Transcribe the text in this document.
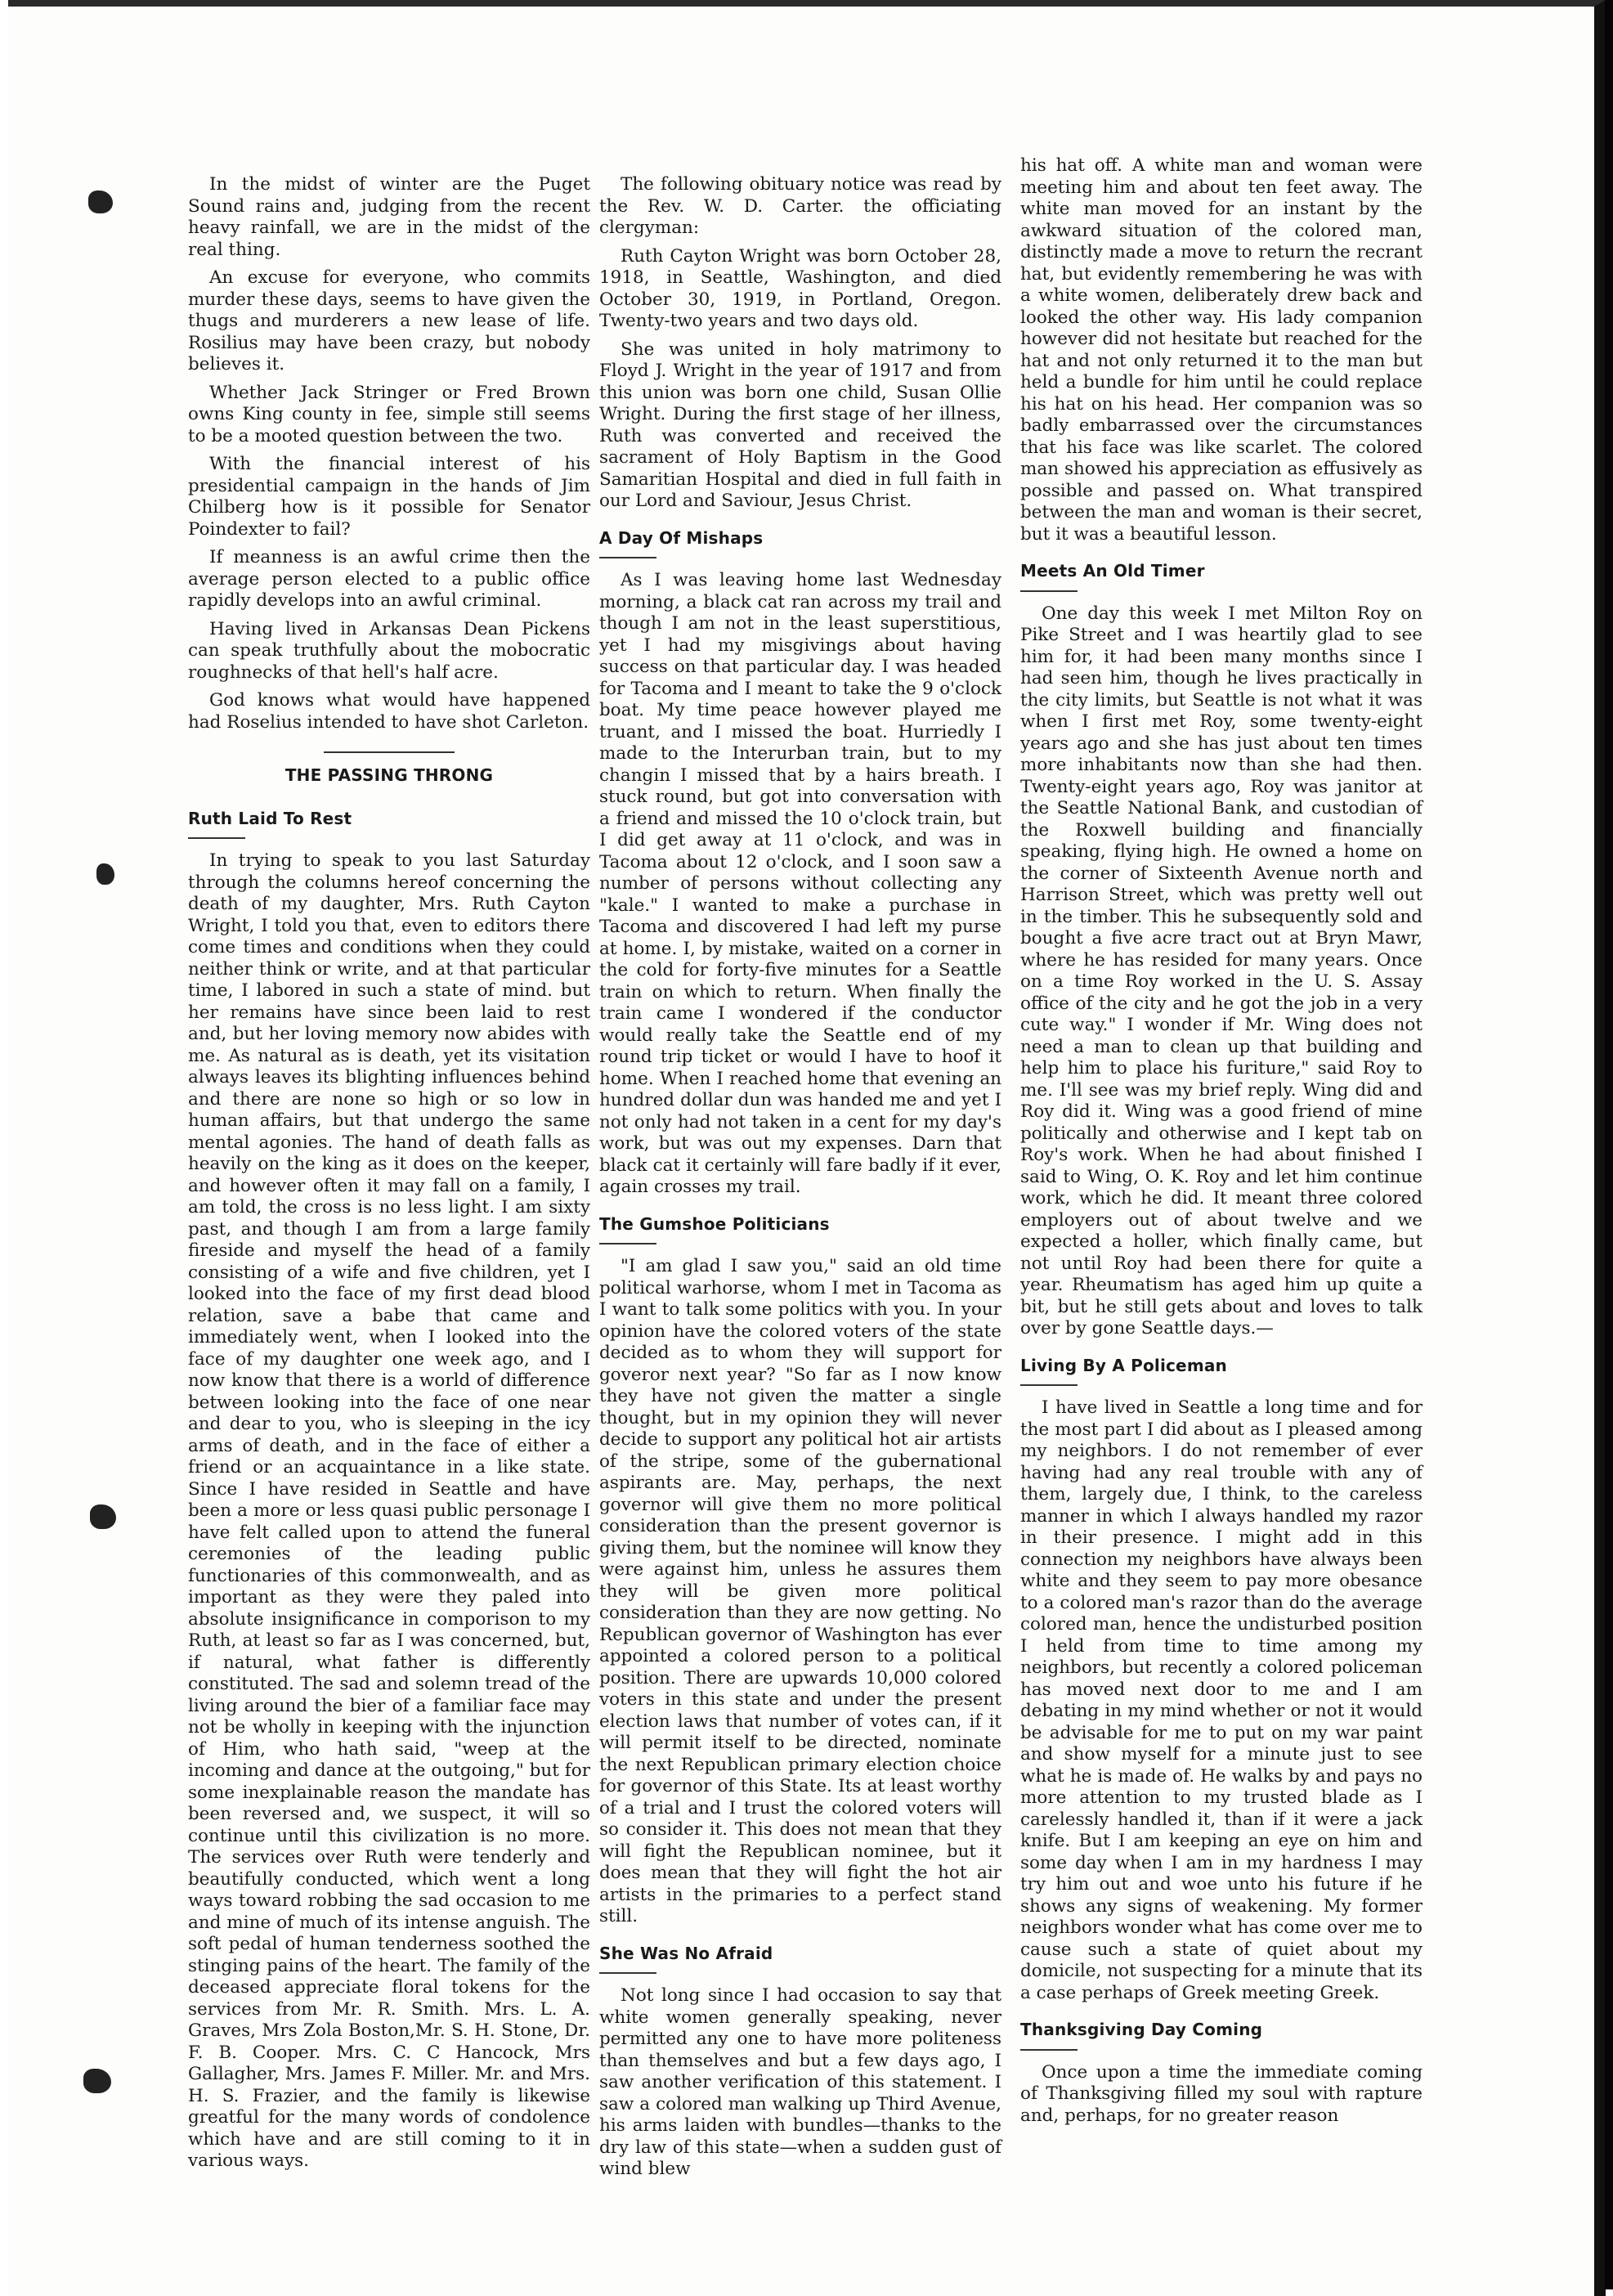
In the midst of winter are the Puget Sound rains and, judging from the recent heavy rainfall, we are in the midst of the real thing.

An excuse for everyone, who commits murder these days, seems to have given the thugs and murderers a new lease of life. Rosilius may have been crazy, but nobody believes it.

Whether Jack Stringer or Fred Brown owns King county in fee, simple still seems to be a mooted question between the two.

With the financial interest of his presidential campaign in the hands of Jim Chilberg how is it possible for Senator Poindexter to fail?

If meanness is an awful crime then the average person elected to a public office rapidly develops into an awful criminal.

Having lived in Arkansas Dean Pickens can speak truthfully about the mobocratic roughnecks of that hell's half acre.

God knows what would have happened had Roselius intended to have shot Carleton.

THE PASSING THRONG
Ruth Laid To Rest

In trying to speak to you last Saturday through the columns hereof concerning the death of my daughter, Mrs. Ruth Cayton Wright, I told you that, even to editors there come times and conditions when they could neither think or write, and at that particular time, I labored in such a state of mind. but her remains have since been laid to rest and, but her loving memory now abides with me. As natural as is death, yet its visitation always leaves its blighting influences behind and there are none so high or so low in human affairs, but that undergo the same mental agonies. The hand of death falls as heavily on the king as it does on the keeper, and however often it may fall on a family, I am told, the cross is no less light. I am sixty past, and though I am from a large family fireside and myself the head of a family consisting of a wife and five children, yet I looked into the face of my first dead blood relation, save a babe that came and immediately went, when I looked into the face of my daughter one week ago, and I now know that there is a world of difference between looking into the face of one near and dear to you, who is sleeping in the icy arms of death, and in the face of either a friend or an acquaintance in a like state. Since I have resided in Seattle and have been a more or less quasi public personage I have felt called upon to attend the funeral ceremonies of the leading public functionaries of this commonwealth, and as important as they were they paled into absolute insignificance in comporison to my Ruth, at least so far as I was concerned, but, if natural, what father is differently constituted. The sad and solemn tread of the living around the bier of a familiar face may not be wholly in keeping with the injunction of Him, who hath said, "weep at the incoming and dance at the outgoing," but for some inexplainable reason the mandate has been reversed and, we suspect, it will so continue until this civilization is no more. The services over Ruth were tenderly and beautifully conducted, which went a long ways toward robbing the sad occasion to me and mine of much of its intense anguish. The soft pedal of human tenderness soothed the stinging pains of the heart. The family of the deceased appreciate floral tokens for the services from Mr. R. Smith. Mrs. L. A. Graves, Mrs Zola Boston,Mr. S. H. Stone, Dr. F. B. Cooper. Mrs. C. C Hancock, Mrs Gallagher, Mrs. James F. Miller. Mr. and Mrs. H. S. Frazier, and the family is likewise greatful for the many words of condolence which have and are still coming to it in various ways.

The following obituary notice was read by the Rev. W. D. Carter. the officiating clergyman:

Ruth Cayton Wright was born October 28, 1918, in Seattle, Washington, and died October 30, 1919, in Portland, Oregon. Twenty-two years and two days old.

She was united in holy matrimony to Floyd J. Wright in the year of 1917 and from this union was born one child, Susan Ollie Wright. During the first stage of her illness, Ruth was converted and received the sacrament of Holy Baptism in the Good Samaritian Hospital and died in full faith in our Lord and Saviour, Jesus Christ.

A Day Of Mishaps

As I was leaving home last Wednesday morning, a black cat ran across my trail and though I am not in the least superstitious, yet I had my misgivings about having success on that particular day. I was headed for Tacoma and I meant to take the 9 o'clock boat. My time peace however played me truant, and I missed the boat. Hurriedly I made to the Interurban train, but to my changin I missed that by a hairs breath. I stuck round, but got into conversation with a friend and missed the 10 o'clock train, but I did get away at 11 o'clock, and was in Tacoma about 12 o'clock, and I soon saw a number of persons without collecting any "kale." I wanted to make a purchase in Tacoma and discovered I had left my purse at home. I, by mistake, waited on a corner in the cold for forty-five minutes for a Seattle train on which to return. When finally the train came I wondered if the conductor would really take the Seattle end of my round trip ticket or would I have to hoof it home. When I reached home that evening an hundred dollar dun was handed me and yet I not only had not taken in a cent for my day's work, but was out my expenses. Darn that black cat it certainly will fare badly if it ever, again crosses my trail.

The Gumshoe Politicians

"I am glad I saw you," said an old time political warhorse, whom I met in Tacoma as I want to talk some politics with you. In your opinion have the colored voters of the state decided as to whom they will support for goveror next year? "So far as I now know they have not given the matter a single thought, but in my opinion they will never decide to support any political hot air artists of the stripe, some of the gubernational aspirants are. May, perhaps, the next governor will give them no more political consideration than the present governor is giving them, but the nominee will know they were against him, unless he assures them they will be given more political consideration than they are now getting. No Republican governor of Washington has ever appointed a colored person to a political position. There are upwards 10,000 colored voters in this state and under the present election laws that number of votes can, if it will permit itself to be directed, nominate the next Republican primary election choice for governor of this State. Its at least worthy of a trial and I trust the colored voters will so consider it. This does not mean that they will fight the Republican nominee, but it does mean that they will fight the hot air artists in the primaries to a perfect stand still.

She Was No Afraid

Not long since I had occasion to say that white women generally speaking, never permitted any one to have more politeness than themselves and but a few days ago, I saw another verification of this statement. I saw a colored man walking up Third Avenue, his arms laiden with bundles—thanks to the dry law of this state—when a sudden gust of wind blew

his hat off. A white man and woman were meeting him and about ten feet away. The white man moved for an instant by the awkward situation of the colored man, distinctly made a move to return the recrant hat, but evidently remembering he was with a white women, deliberately drew back and looked the other way. His lady companion however did not hesitate but reached for the hat and not only returned it to the man but held a bundle for him until he could replace his hat on his head. Her companion was so badly embarrassed over the circumstances that his face was like scarlet. The colored man showed his appreciation as effusively as possible and passed on. What transpired between the man and woman is their secret, but it was a beautiful lesson.

Meets An Old Timer

One day this week I met Milton Roy on Pike Street and I was heartily glad to see him for, it had been many months since I had seen him, though he lives practically in the city limits, but Seattle is not what it was when I first met Roy, some twenty-eight years ago and she has just about ten times more inhabitants now than she had then. Twenty-eight years ago, Roy was janitor at the Seattle National Bank, and custodian of the Roxwell building and financially speaking, flying high. He owned a home on the corner of Sixteenth Avenue north and Harrison Street, which was pretty well out in the timber. This he subsequently sold and bought a five acre tract out at Bryn Mawr, where he has resided for many years. Once on a time Roy worked in the U. S. Assay office of the city and he got the job in a very cute way." I wonder if Mr. Wing does not need a man to clean up that building and help him to place his furiture," said Roy to me. I'll see was my brief reply. Wing did and Roy did it. Wing was a good friend of mine politically and otherwise and I kept tab on Roy's work. When he had about finished I said to Wing, O. K. Roy and let him continue work, which he did. It meant three colored employers out of about twelve and we expected a holler, which finally came, but not until Roy had been there for quite a year. Rheumatism has aged him up quite a bit, but he still gets about and loves to talk over by gone Seattle days.—

Living By A Policeman

I have lived in Seattle a long time and for the most part I did about as I pleased among my neighbors. I do not remember of ever having had any real trouble with any of them, largely due, I think, to the careless manner in which I always handled my razor in their presence. I might add in this connection my neighbors have always been white and they seem to pay more obesance to a colored man's razor than do the average colored man, hence the undisturbed position I held from time to time among my neighbors, but recently a colored policeman has moved next door to me and I am debating in my mind whether or not it would be advisable for me to put on my war paint and show myself for a minute just to see what he is made of. He walks by and pays no more attention to my trusted blade as I carelessly handled it, than if it were a jack knife. But I am keeping an eye on him and some day when I am in my hardness I may try him out and woe unto his future if he shows any signs of weakening. My former neighbors wonder what has come over me to cause such a state of quiet about my domicile, not suspecting for a minute that its a case perhaps of Greek meeting Greek.

Thanksgiving Day Coming

Once upon a time the immediate coming of Thanksgiving filled my soul with rapture and, perhaps, for no greater reason
